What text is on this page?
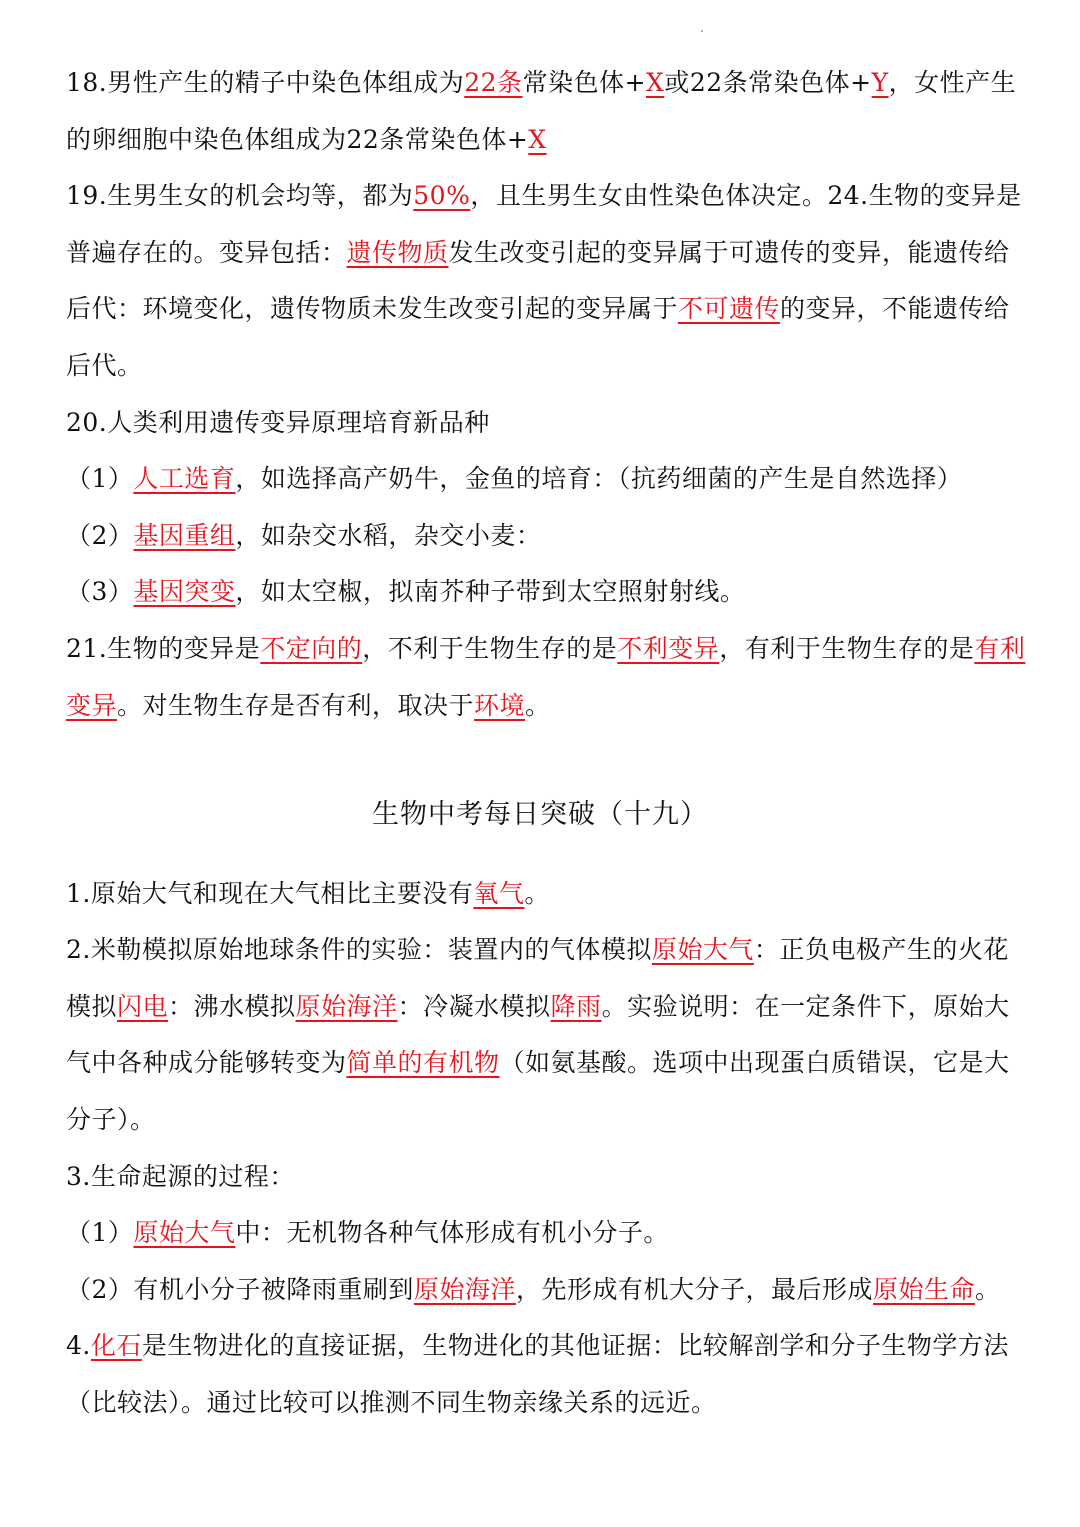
18.男性产生的精子中染色体组成为22条常染色体+X或22条常染色体+Y，女性产生的卵细胞中染色体组成为22条常染色体+X

19.生男生女的机会均等，都为50%，且生男生女由性染色体决定。24.生物的变异是普遍存在的。变异包括：遗传物质发生改变引起的变异属于可遗传的变异，能遗传给后代：环境变化，遗传物质未发生改变引起的变异属于不可遗传的变异，不能遗传给后代。

20.人类利用遗传变异原理培育新品种

（1）人工选育，如选择高产奶牛，金鱼的培育：（抗药细菌的产生是自然选择）

（2）基因重组，如杂交水稻，杂交小麦：

（3）基因突变，如太空椒，拟南芥种子带到太空照射射线。

21.生物的变异是不定向的，不利于生物生存的是不利变异，有利于生物生存的是有利变异。对生物生存是否有利，取决于环境。

生物中考每日突破（十九）

1.原始大气和现在大气相比主要没有氧气。

2.米勒模拟原始地球条件的实验：装置内的气体模拟原始大气：正负电极产生的火花模拟闪电：沸水模拟原始海洋：冷凝水模拟降雨。实验说明：在一定条件下，原始大气中各种成分能够转变为简单的有机物（如氨基酸。选项中出现蛋白质错误，它是大分子）。

3.生命起源的过程：

（1）原始大气中：无机物各种气体形成有机小分子。

（2）有机小分子被降雨重刷到原始海洋，先形成有机大分子，最后形成原始生命。

4.化石是生物进化的直接证据，生物进化的其他证据：比较解剖学和分子生物学方法（比较法）。通过比较可以推测不同生物亲缘关系的远近。
